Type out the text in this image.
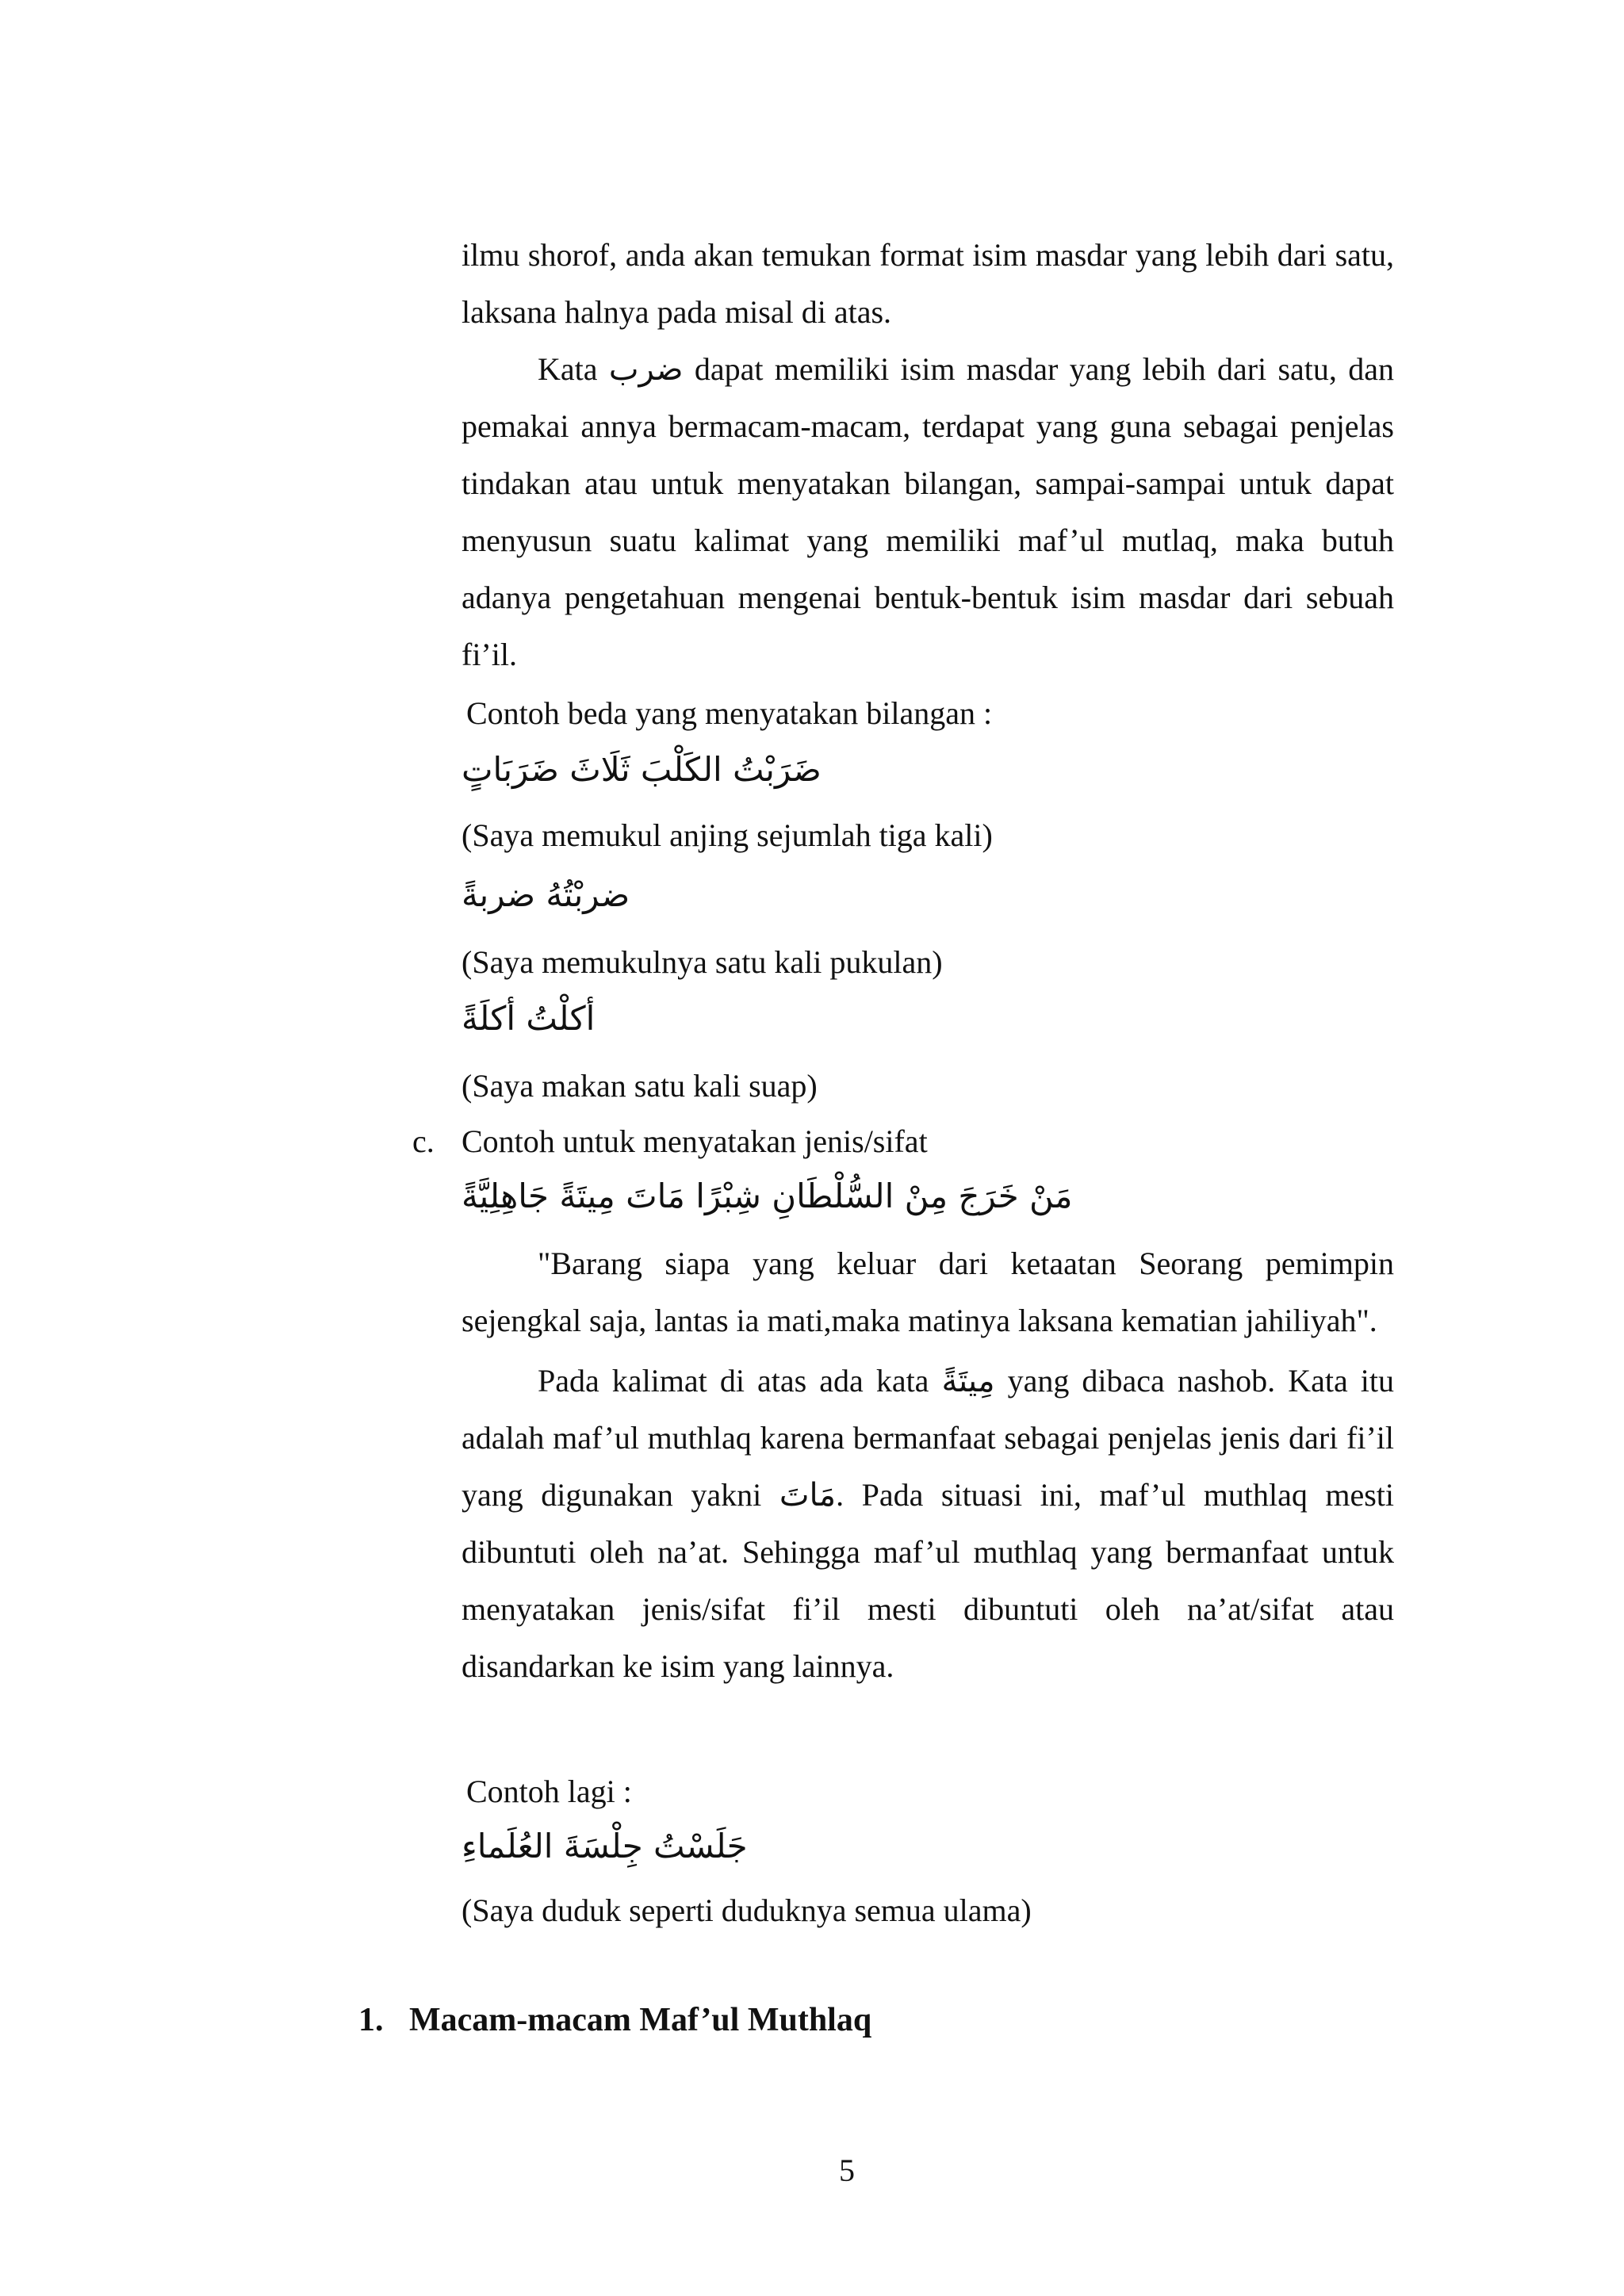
ilmu shorof, anda akan temukan format isim masdar yang lebih dari satu, laksana halnya pada misal di atas.

Kata ضرب dapat memiliki isim masdar yang lebih dari satu, dan pemakai annya bermacam-macam, terdapat yang guna sebagai penjelas tindakan atau untuk menyatakan bilangan, sampai-sampai untuk dapat menyusun suatu kalimat yang memiliki maf’ul mutlaq, maka butuh adanya pengetahuan mengenai bentuk-bentuk isim masdar dari sebuah fi’il.

Contoh beda yang menyatakan bilangan :
ضَرَبْتُ الكَلْبَ ثَلَاثَ ضَرَبَاتٍ
(Saya memukul anjing sejumlah tiga kali)
ضربْتُهُ ضربةً
(Saya memukulnya satu kali pukulan)
أكلْتُ أكلَةً
(Saya makan satu kali suap)
c. Contoh untuk menyatakan jenis/sifat
مَنْ خَرَجَ مِنْ السُّلْطَانِ شِبْرًا مَاتَ مِيتَةً جَاهِلِيَّةً

"Barang siapa yang keluar dari ketaatan Seorang pemimpin sejengkal saja, lantas ia mati,maka matinya laksana kematian jahiliyah".

Pada kalimat di atas ada kata مِيتَةً yang dibaca nashob. Kata itu adalah maf’ul muthlaq karena bermanfaat sebagai penjelas jenis dari fi’il yang digunakan yakni مَاتَ. Pada situasi ini, maf’ul muthlaq mesti dibuntuti oleh na’at. Sehingga maf’ul muthlaq yang bermanfaat untuk menyatakan jenis/sifat fi’il mesti dibuntuti oleh na’at/sifat atau disandarkan ke isim yang lainnya.

Contoh lagi :
جَلَسْتُ جِلْسَةَ العُلَماءِ
(Saya duduk seperti duduknya semua ulama)
1. Macam-macam Maf’ul Muthlaq
5
